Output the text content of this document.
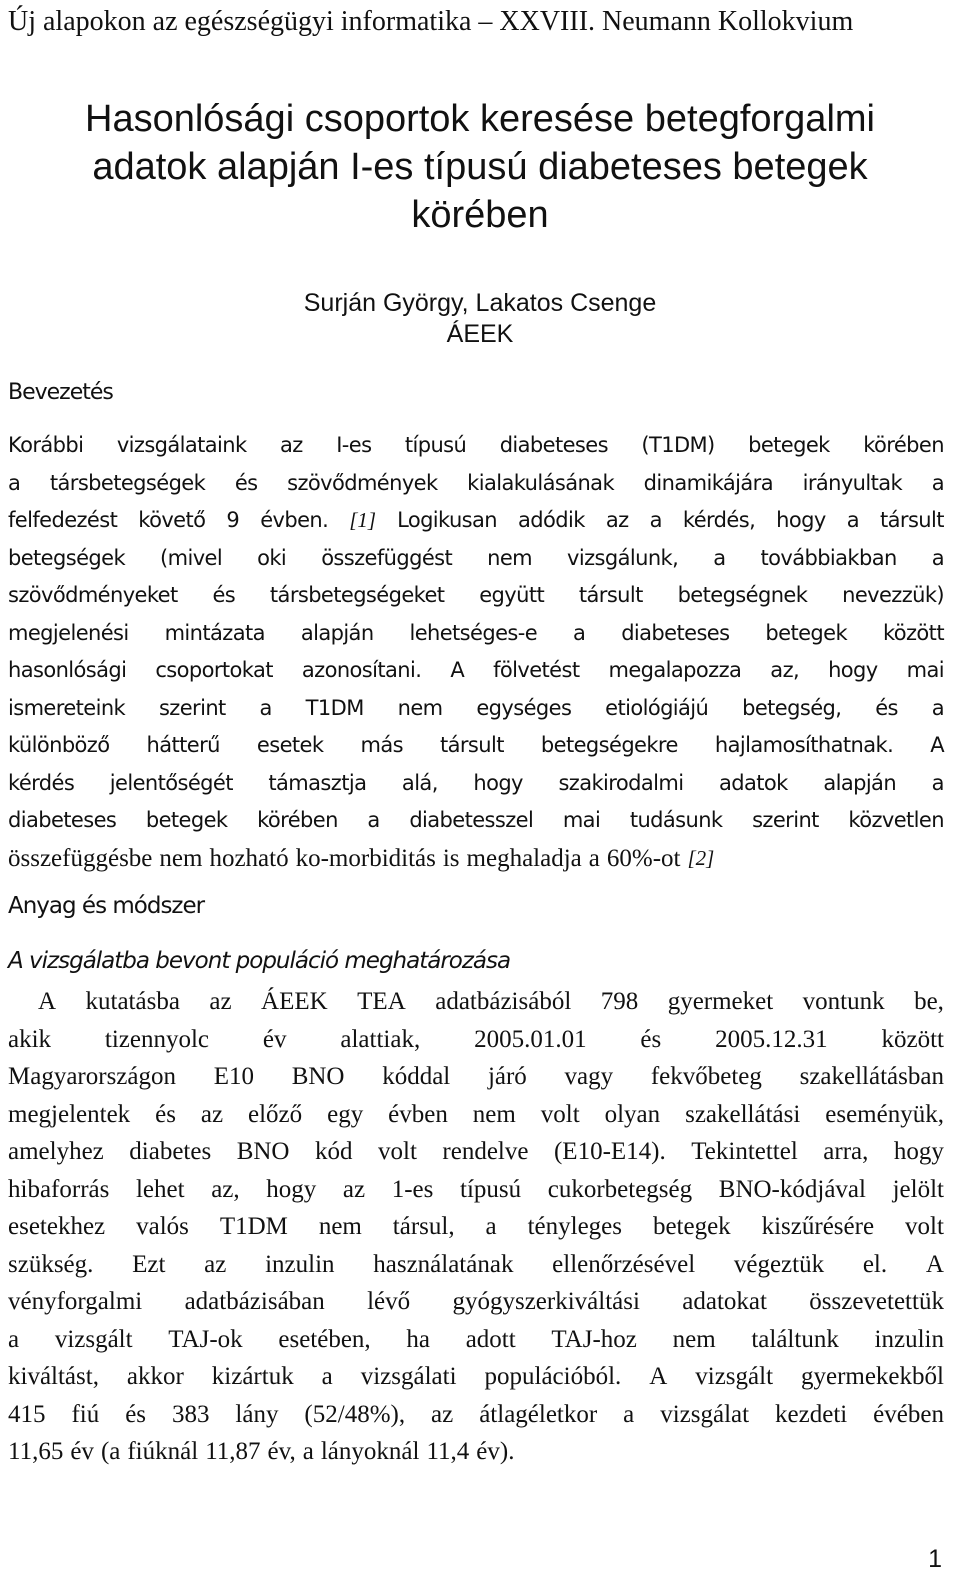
Új alapokon az egészségügyi informatika – XXVIII. Neumann Kollokvium
Hasonlósági csoportok keresése betegforgalmi
adatok alapján I-es típusú diabeteses betegek
körében
Surján György, Lakatos Csenge
ÁEEK
Bevezetés
Korábbi vizsgálataink az I-es típusú diabeteses (T1DM) betegek körében
a társbetegségek és szövődmények kialakulásának dinamikájára irányultak a
felfedezést követő 9 évben. [1] Logikusan adódik az a kérdés, hogy a társult
betegségek (mivel oki összefüggést nem vizsgálunk, a továbbiakban a
szövődményeket és társbetegségeket együtt társult betegségnek nevezzük)
megjelenési mintázata alapján lehetséges-e a diabeteses betegek között
hasonlósági csoportokat azonosítani. A fölvetést megalapozza az, hogy mai
ismereteink szerint a T1DM nem egységes etiológiájú betegség, és a
különböző hátterű esetek más társult betegségekre hajlamosíthatnak. A
kérdés jelentőségét támasztja alá, hogy szakirodalmi adatok alapján a
diabeteses betegek körében a diabetesszel mai tudásunk szerint közvetlen
összefüggésbe nem hozható ko-morbiditás is meghaladja a 60%-ot [2]
Anyag és módszer
A vizsgálatba bevont populáció meghatározása
A kutatásba az ÁEEK TEA adatbázisából 798 gyermeket vontunk be,
akik tizennyolc év alattiak, 2005.01.01 és 2005.12.31 között
Magyarországon E10 BNO kóddal járó vagy fekvőbeteg szakellátásban
megjelentek és az előző egy évben nem volt olyan szakellátási eseményük,
amelyhez diabetes BNO kód volt rendelve (E10-E14). Tekintettel arra, hogy
hibaforrás lehet az, hogy az 1-es típusú cukorbetegség BNO-kódjával jelölt
esetekhez valós T1DM nem társul, a tényleges betegek kiszűrésére volt
szükség. Ezt az inzulin használatának ellenőrzésével végeztük el. A
vényforgalmi adatbázisában lévő gyógyszerkiváltási adatokat összevetettük
a vizsgált TAJ-ok esetében, ha adott TAJ-hoz nem találtunk inzulin
kiváltást, akkor kizártuk a vizsgálati populációból. A vizsgált gyermekekből
415 fiú és 383 lány (52/48%), az átlagéletkor a vizsgálat kezdeti évében
11,65 év (a fiúknál 11,87 év, a lányoknál 11,4 év).
1
